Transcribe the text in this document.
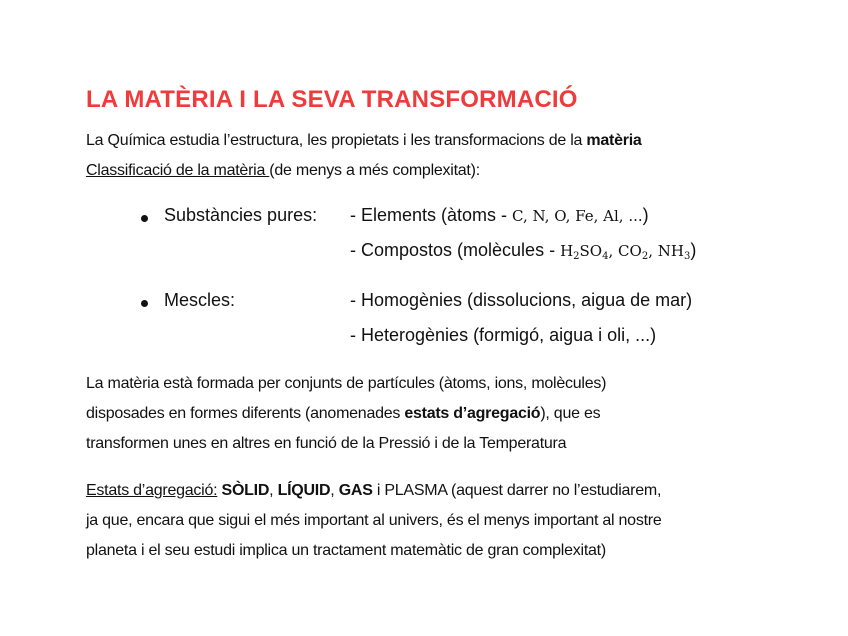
LA MATÈRIA I LA SEVA TRANSFORMACIÓ
La Química estudia l’estructura, les propietats i les transformacions de la matèria
Classificació de la matèria (de menys a més complexitat):
Substàncies pures: - Elements (àtoms - C, N, O, Fe, Al, ...)
- Compostos (molècules - $H_2SO_4$, $CO_2$, $NH_3$)
Mescles:	- Homogènies (dissolucions, aigua de mar)
- Heterogènies (formigó, aigua i oli, ...)
La matèria està formada per conjunts de partícules (àtoms, ions, molècules)
disposades en formes diferents (anomenades estats d’agregació), que es
transformen unes en altres en funció de la Pressió i de la Temperatura
Estats d’agregació: SÒLID, LÍQUID, GAS i PLASMA (aquest darrer no l’estudiarem,
ja que, encara que sigui el més important al univers, és el menys important al nostre
planeta i el seu estudi implica un tractament matemàtic de gran complexitat)
